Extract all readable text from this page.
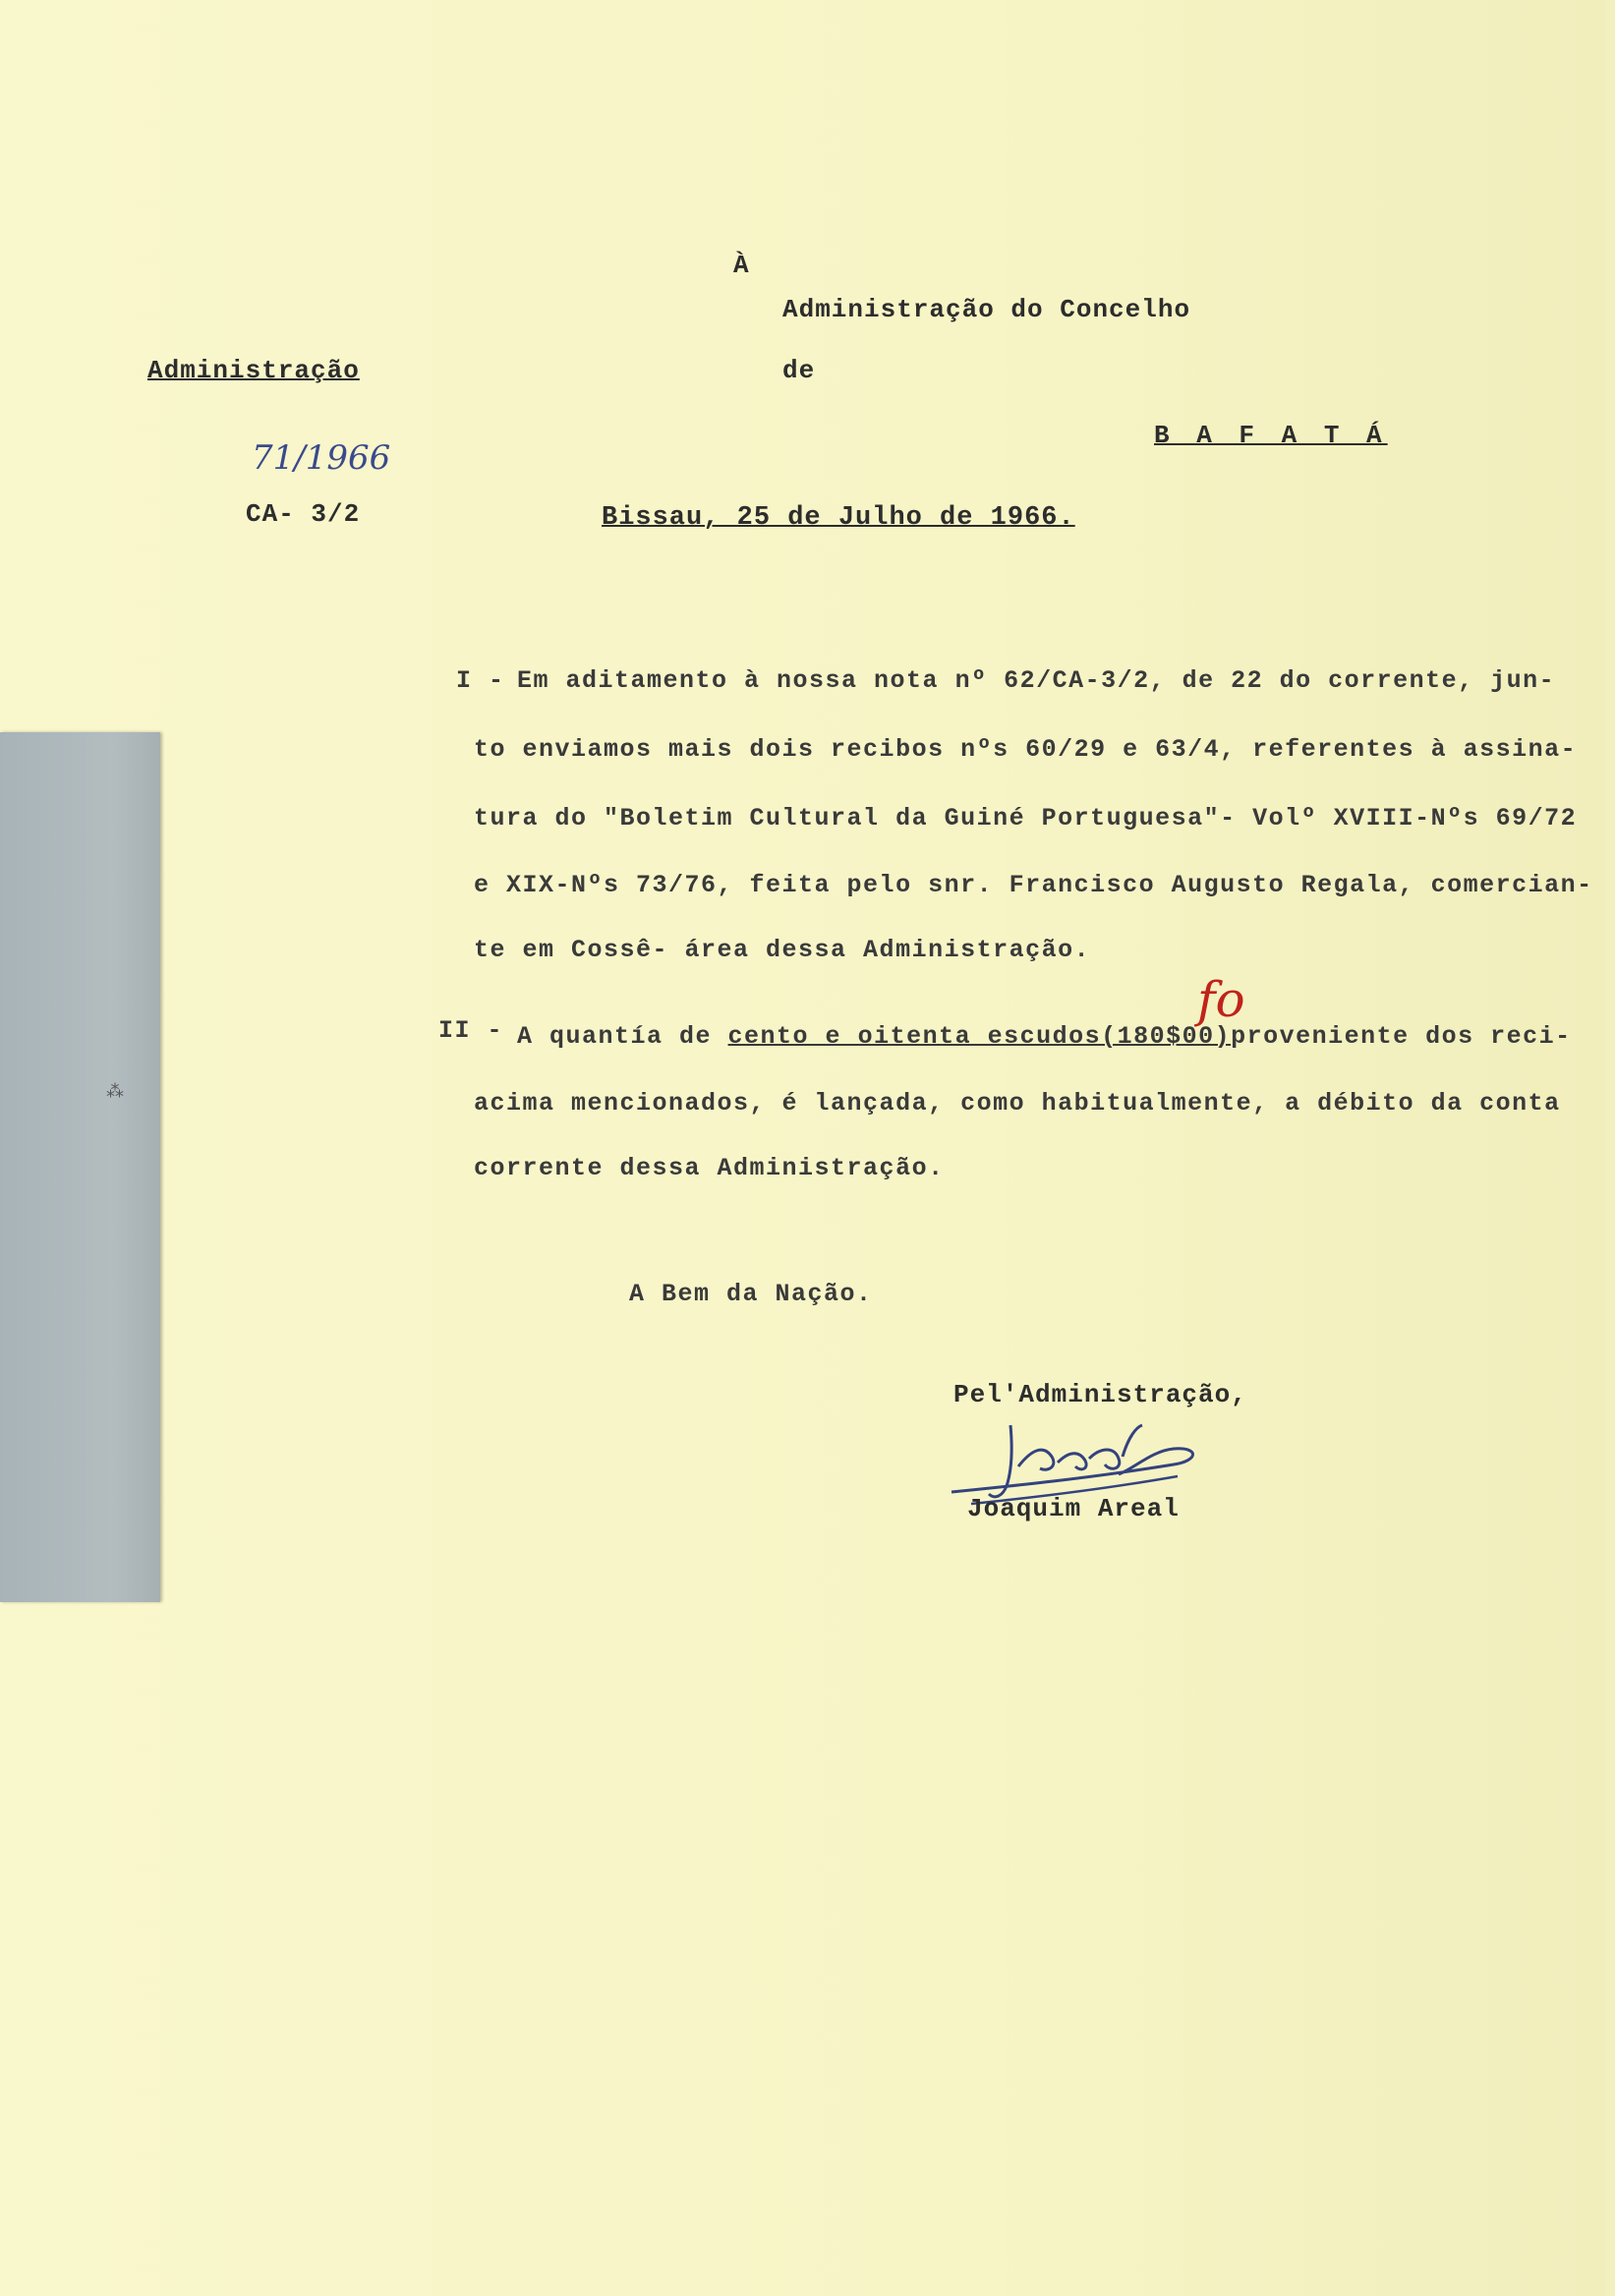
⁂
À
Administração do Concelho
de
B A F A T Á
Administração
71/1966
CA- 3/2	Bissau, 25 de Julho de 1966.
I - Em aditamento à nossa nota nº 62/CA-3/2, de 22 do corrente, jun-
to enviamos mais dois recibos nºs 60/29 e 63/4, referentes à assina-
tura do "Boletim Cultural da Guiné Portuguesa"- Volº XVIII-Nºs 69/72
e XIX-Nºs 73/76, feita pelo snr. Francisco Augusto Regala, comercian-
te em Cossê- área dessa Administração.
II - A quantía de cento e oitenta escudos(180$00)proveniente dos reci-
fo
acima mencionados, é lançada, como habitualmente, a débito da conta
corrente dessa Administração.
A Bem da Nação.
Pel'Administração,
Joaquim Areal
